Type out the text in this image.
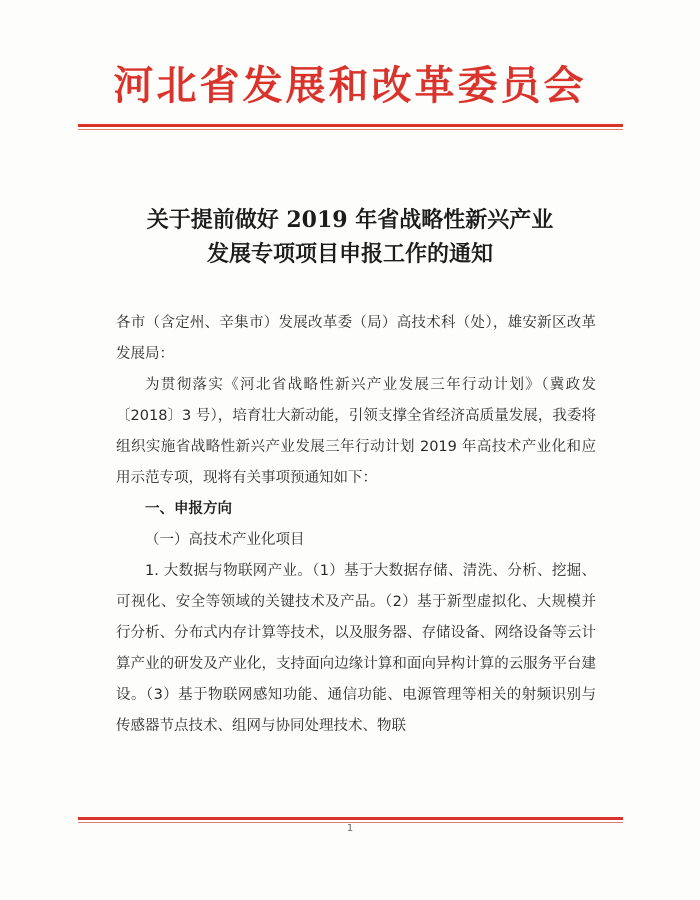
河北省发展和改革委员会
关于提前做好 2019 年省战略性新兴产业
发展专项项目申报工作的通知

各市（含定州、辛集市）发展改革委（局）高技术科（处），雄安新区改革发展局：

为贯彻落实《河北省战略性新兴产业发展三年行动计划》（冀政发〔2018〕3 号），培育壮大新动能，引领支撑全省经济高质量发展，我委将组织实施省战略性新兴产业发展三年行动计划 2019 年高技术产业化和应用示范专项，现将有关事项预通知如下：

一、申报方向

（一）高技术产业化项目

1. 大数据与物联网产业。（1）基于大数据存储、清洗、分析、挖掘、可视化、安全等领域的关键技术及产品。（2）基于新型虚拟化、大规模并行分析、分布式内存计算等技术，以及服务器、存储设备、网络设备等云计算产业的研发及产业化，支持面向边缘计算和面向异构计算的云服务平台建设。（3）基于物联网感知功能、通信功能、电源管理等相关的射频识别与传感器节点技术、组网与协同处理技术、物联

1
